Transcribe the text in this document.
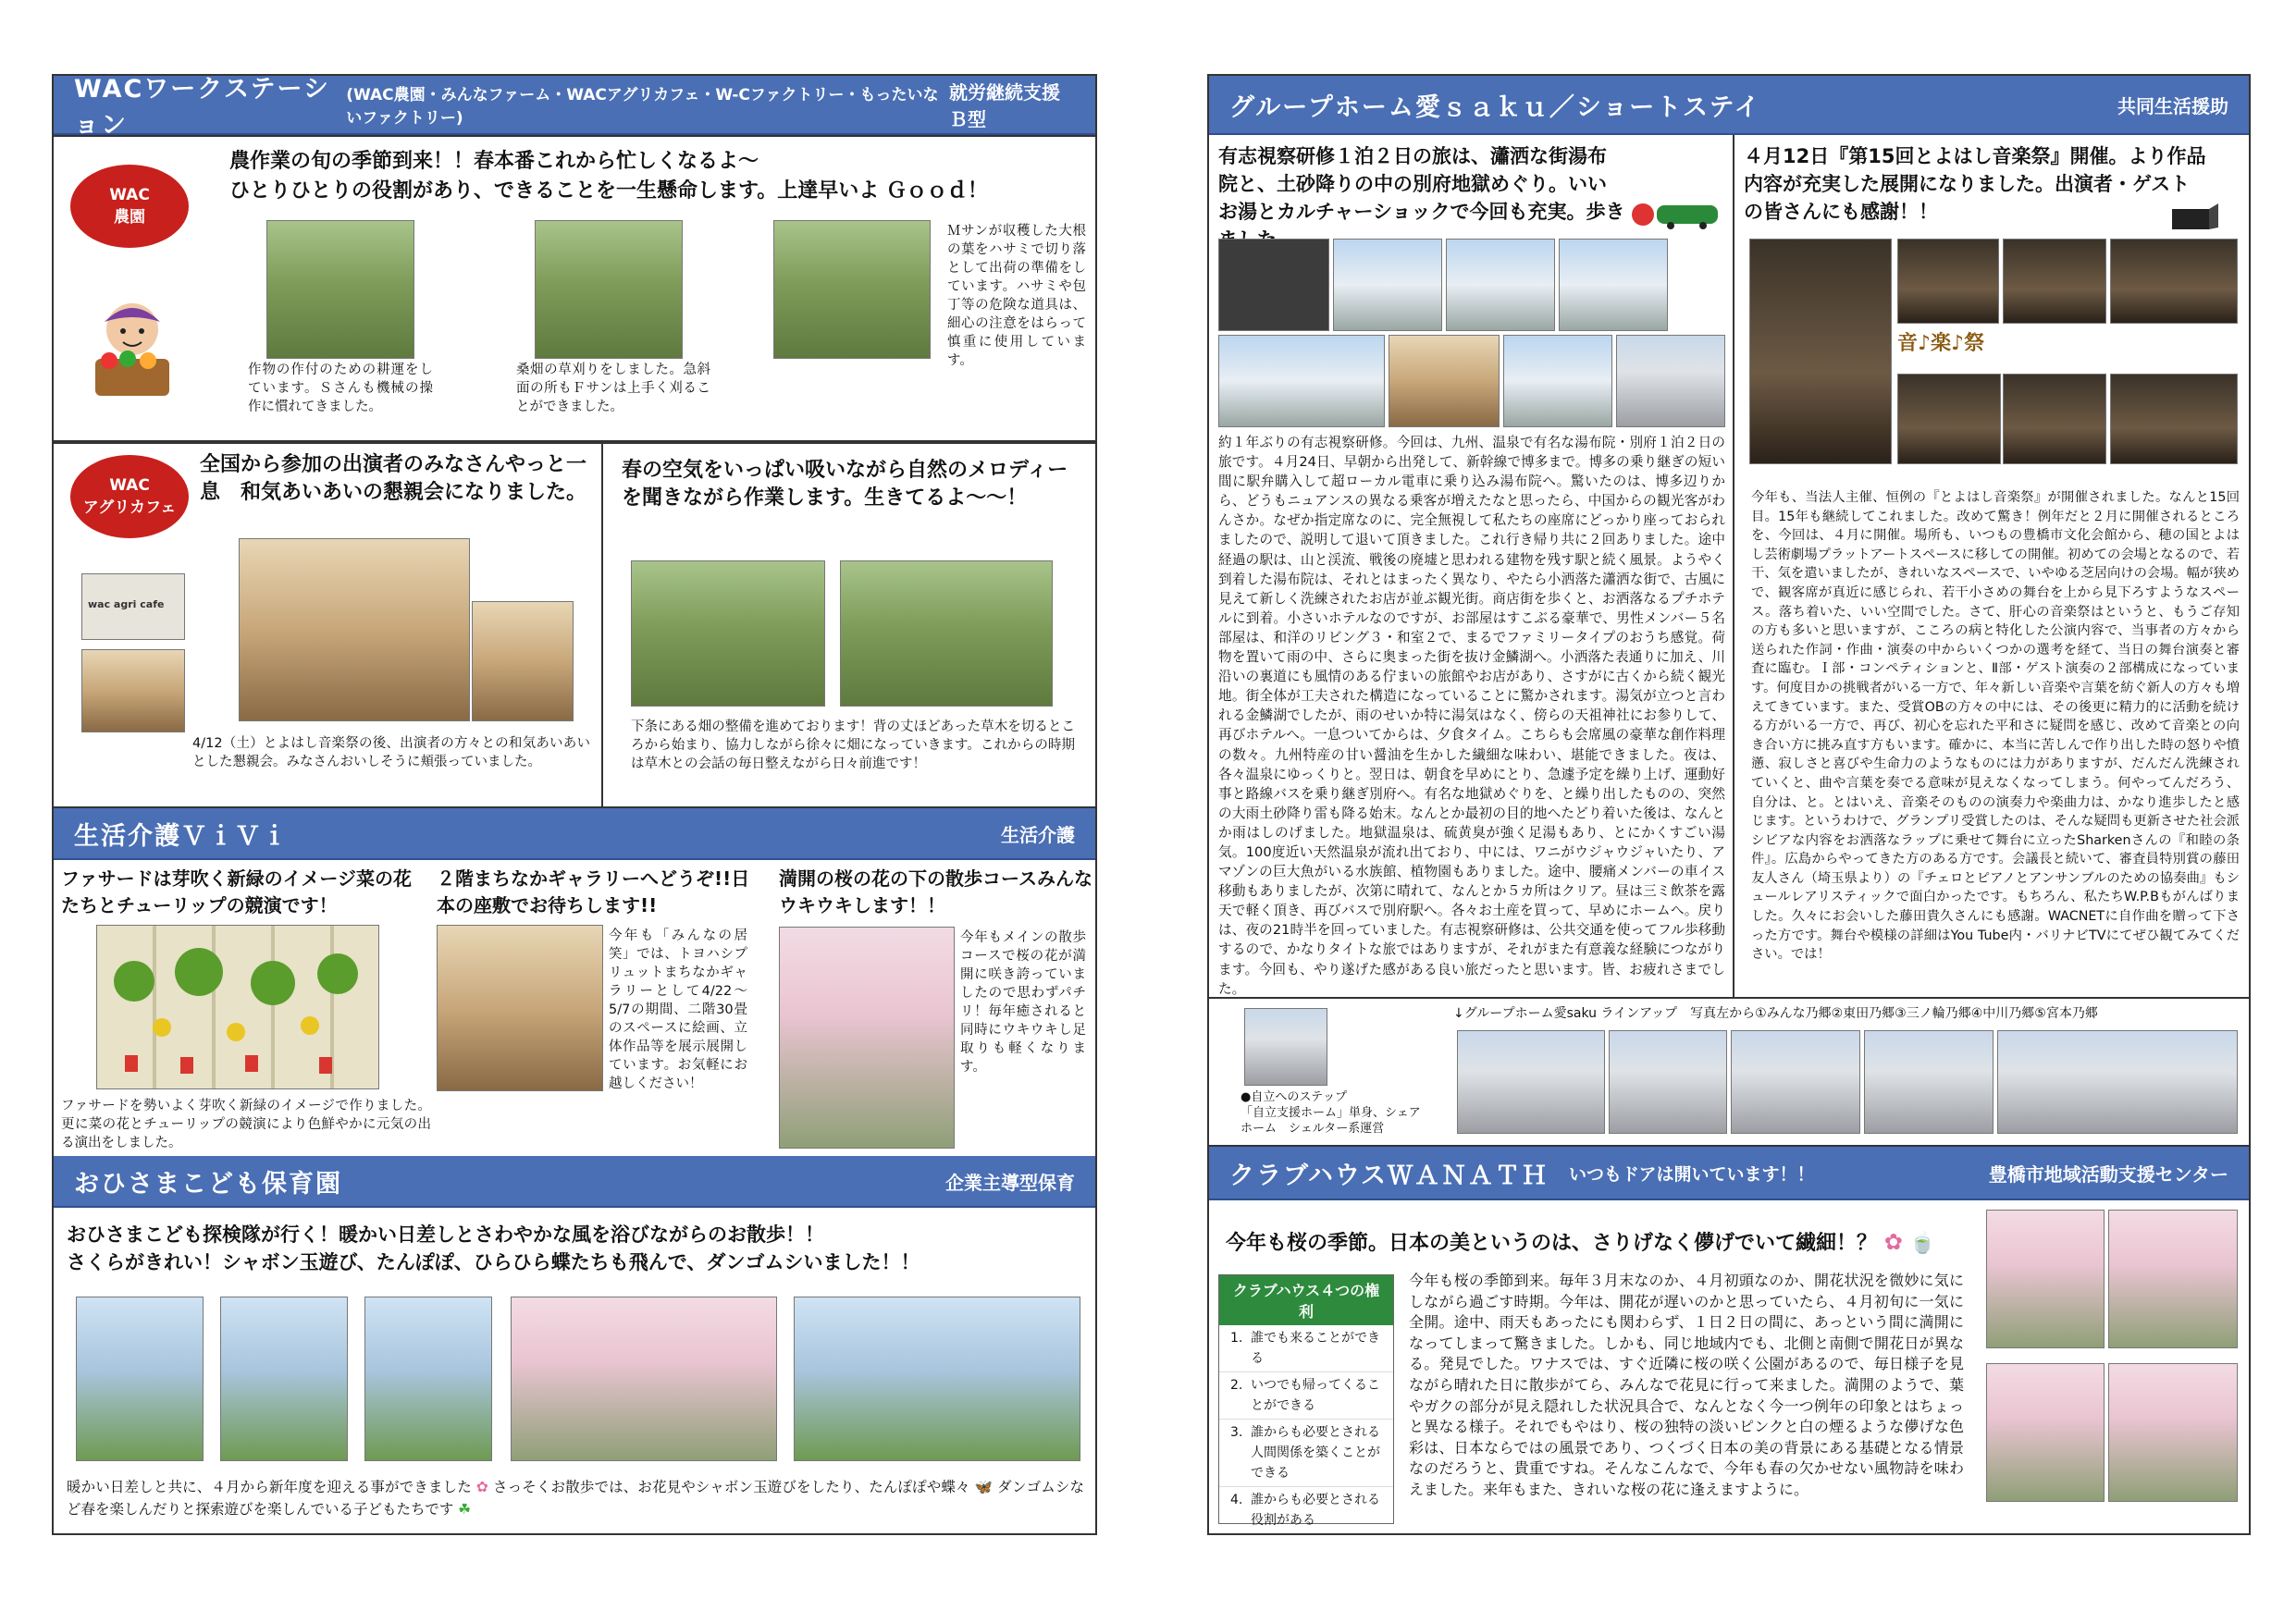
WACワークステーション
(WAC農園・みんなファーム・WACアグリカフェ・W-Cファクトリー・もったいないファクトリー)
就労継続支援Ｂ型
WAC
農園
農作業の旬の季節到来！！春本番これから忙しくなるよ～
ひとりひとりの役割があり、できることを一生懸命します。上達早いよ Ｇｏｏｄ！
作物の作付のための耕運をしています。Ｓさんも機械の操作に慣れてきました。
桑畑の草刈りをしました。急斜面の所もＦサンは上手く刈ることができました。
Ｍサンが収穫した大根の葉をハサミで切り落として出荷の準備をしています。ハサミや包丁等の危険な道具は、細心の注意をはらって慎重に使用しています。
WAC
アグリカフェ
全国から参加の出演者のみなさんやっと一息　和気あいあいの懇親会になりました。
wac agri cafe
4/12（土）とよはし音楽祭の後、出演者の方々との和気あいあいとした懇親会。みなさんおいしそうに頬張っていました。
春の空気をいっぱい吸いながら自然のメロディーを聞きながら作業します。生きてるよ～～！
下条にある畑の整備を進めております！背の丈ほどあった草木を切るところから始まり、協力しながら徐々に畑になっていきます。これからの時期は草木との会話の毎日整えながら日々前進です！
生活介護ＶｉＶｉ	生活介護
ファサードは芽吹く新緑のイメージ菜の花たちとチューリップの競演です！
ファサードを勢いよく芽吹く新緑のイメージで作りました。更に菜の花とチューリップの競演により色鮮やかに元気の出る演出をしました。
２階まちなかギャラリーへどうぞ!!日本の座敷でお待ちします!!
今年も「みんなの居笑」では、トヨハシプリュットまちなかギャラリーとして4/22～5/7の期間、二階30畳のスペースに絵画、立体作品等を展示展開しています。お気軽にお越しください！
満開の桜の花の下の散歩コースみんなウキウキします！！
今年もメインの散歩コースで桜の花が満開に咲き誇っていましたので思わずパチリ！毎年癒されると同時にウキウキし足取りも軽くなります。
おひさまこども保育園	企業主導型保育
おひさまこども探検隊が行く！暖かい日差しとさわやかな風を浴びながらのお散歩！！
さくらがきれい！シャボン玉遊び、たんぽぽ、ひらひら蝶たちも飛んで、ダンゴムシいました！！
暖かい日差しと共に、４月から新年度を迎える事ができました ✿ さっそくお散歩では、お花見やシャボン玉遊びをしたり、たんぽぽや蝶々 🦋 ダンゴムシなど春を楽しんだりと探索遊びを楽しんでいる子どもたちです ☘
グループホーム愛ｓａｋｕ／ショートステイ	共同生活援助
有志視察研修１泊２日の旅は、瀟洒な街湯布院と、土砂降りの中の別府地獄めぐり。いいお湯とカルチャーショックで今回も充実。歩き
約１年ぶりの有志視察研修。今回は、九州、温泉で有名な湯布院・別府１泊２日の旅です。４月24日、早朝から出発して、新幹線で博多まで。博多の乗り継ぎの短い間に駅弁購入して超ローカル電車に乗り込み湯布院へ。驚いたのは、博多辺りから、どうもニュアンスの異なる乗客が増えたなと思ったら、中国からの観光客がわんさか。なぜか指定席なのに、完全無視して私たちの座席にどっかり座っておられましたので、説明して退いて頂きました。これ行き帰り共に２回ありました。途中経過の駅は、山と渓流、戦後の廃墟と思われる建物を残す駅と続く風景。ようやく到着した湯布院は、それとはまったく異なり、やたら小洒落た瀟洒な街で、古風に見えて新しく洗練されたお店が並ぶ観光街。商店街を歩くと、お洒落なるプチホテルに到着。小さいホテルなのですが、お部屋はすこぶる豪華で、男性メンバー５名部屋は、和洋のリビング３・和室２で、まるでファミリータイプのおうち感覚。荷物を置いて雨の中、さらに奥まった街を抜け金鱗湖へ。小洒落た表通りに加え、川沿いの裏道にも風情のある佇まいの旅館やお店があり、さすがに古くから続く観光地。街全体が工夫された構造になっていることに驚かされます。湯気が立つと言われる金鱗湖でしたが、雨のせいか特に湯気はなく、傍らの天祖神社にお参りして、再びホテルへ。一息ついてからは、夕食タイム。こちらも会席風の豪華な創作料理の数々。九州特産の甘い醤油を生かした繊細な味わい、堪能できました。夜は、各々温泉にゆっくりと。翌日は、朝食を早めにとり、急遽予定を繰り上げ、運動好事と路線バスを乗り継ぎ別府へ。有名な地獄めぐりを、と繰り出したものの、突然の大雨土砂降り雷も降る始末。なんとか最初の目的地へたどり着いた後は、なんとか雨はしのげました。地獄温泉は、硫黄臭が強く足湯もあり、とにかくすごい湯気。100度近い天然温泉が流れ出ており、中には、ワニがウジャウジャいたり、アマゾンの巨大魚がいる水族館、植物園もありました。途中、腰痛メンバーの車イス移動もありましたが、次第に晴れて、なんとか５カ所はクリア。昼は三ミ飲茶を露天で軽く頂き、再びバスで別府駅へ。各々お土産を買って、早めにホームへ。戻りは、夜の21時半を回っていました。有志視察研修は、公共交通を使ってフル歩移動するので、かなりタイトな旅ではありますが、それがまた有意義な経験につながります。今回も、やり遂げた感がある良い旅だったと思います。皆、お疲れさまでした。
４月12日『第15回とよはし音楽祭』開催。より作品内容が充実した展開になりました。出演者・ゲストの皆さんにも感謝！！
音♪楽♪祭
今年も、当法人主催、恒例の『とよはし音楽祭』が開催されました。なんと15回目。15年も継続してこれました。改めて驚き！例年だと２月に開催されるところを、今回は、４月に開催。場所も、いつもの豊橋市文化会館から、穂の国とよはし芸術劇場プラットアートスペースに移しての開催。初めての会場となるので、若干、気を遣いましたが、きれいなスペースで、いやゆる芝居向けの会場。幅が狭めで、観客席が真近に感じられ、若干小さめの舞台を上から見下ろすようなスペース。落ち着いた、いい空間でした。さて、肝心の音楽祭はというと、もうご存知の方も多いと思いますが、こころの病と特化した公演内容で、当事者の方々から送られた作詞・作曲・演奏の中からいくつかの選考を経て、当日の舞台演奏と審査に臨む。Ｉ部・コンペティションと、Ⅱ部・ゲスト演奏の２部構成になっています。何度目かの挑戦者がいる一方で、年々新しい音楽や言葉を紡ぐ新人の方々も増えてきています。また、受賞OBの方々の中には、その後更に精力的に活動を続ける方がいる一方で、再び、初心を忘れた平和さに疑問を感じ、改めて音楽との向き合い方に挑み直す方もいます。確かに、本当に苦しんで作り出した時の怒りや憤懣、寂しさと喜びや生命力のようなものには力がありますが、だんだん洗練されていくと、曲や言葉を奏でる意味が見えなくなってしまう。何やってんだろう、自分は、と。とはいえ、音楽そのものの演奏力や楽曲力は、かなり進歩したと感じます。というわけで、グランプリ受賞したのは、そんな疑問も更新させた社会派シビアな内容をお洒落なラップに乗せて舞台に立ったSharkenさんの『和睦の条件』。広島からやってきた方のある方です。会議長と続いて、審査員特別賞の藤田友人さん（埼玉県より）の『チェロとピアノとアンサンブルのための協奏曲』もシュールレアリスティックで面白かったです。もちろん、私たちW.P.Bもがんばりました。久々にお会いした藤田貴久さんにも感謝。WACNETに自作曲を贈って下さった方です。舞台や模様の詳細はYou Tube内・バリナビTVにてぜひ観てみてください。では！
●自立へのステップ
「自立支援ホーム」単身、シェア
ホーム　シェルター系運営
↓グループホーム愛saku ラインアップ　写真左から①みんな乃郷②東田乃郷③三ノ輪乃郷④中川乃郷⑤宮本乃郷
クラブハウスＷＡＮＡＴＨ いつもドアは開いています！！	豊橋市地域活動支援センター
今年も桜の季節。日本の美というのは、さりげなく儚げでいて繊細！？ ✿ 🍵
クラブハウス４つの権利
1. 誰でも来ることができる
2. いつでも帰ってくることができる
3. 誰からも必要とされる人間関係を築くことができる
4. 誰からも必要とされる役割がある
今年も桜の季節到来。毎年３月末なのか、４月初頭なのか、開花状況を微妙に気にしながら過ごす時期。今年は、開花が遅いのかと思っていたら、４月初旬に一気に全開。途中、雨天もあったにも関わらず、１日２日の間に、あっという間に満開になってしまって驚きました。しかも、同じ地域内でも、北側と南側で開花日が異なる。発見でした。ワナスでは、すぐ近隣に桜の咲く公園があるので、毎日様子を見ながら晴れた日に散歩がてら、みんなで花見に行って来ました。満開のようで、葉やガクの部分が見え隠れした状況具合で、なんとなく今一つ例年の印象とはちょっと異なる様子。それでもやはり、桜の独特の淡いピンクと白の煙るような儚げな色彩は、日本ならではの風景であり、つくづく日本の美の背景にある基礎となる情景なのだろうと、貴重ですね。そんなこんなで、今年も春の欠かせない風物詩を味わえました。来年もまた、きれいな桜の花に逢えますように。
